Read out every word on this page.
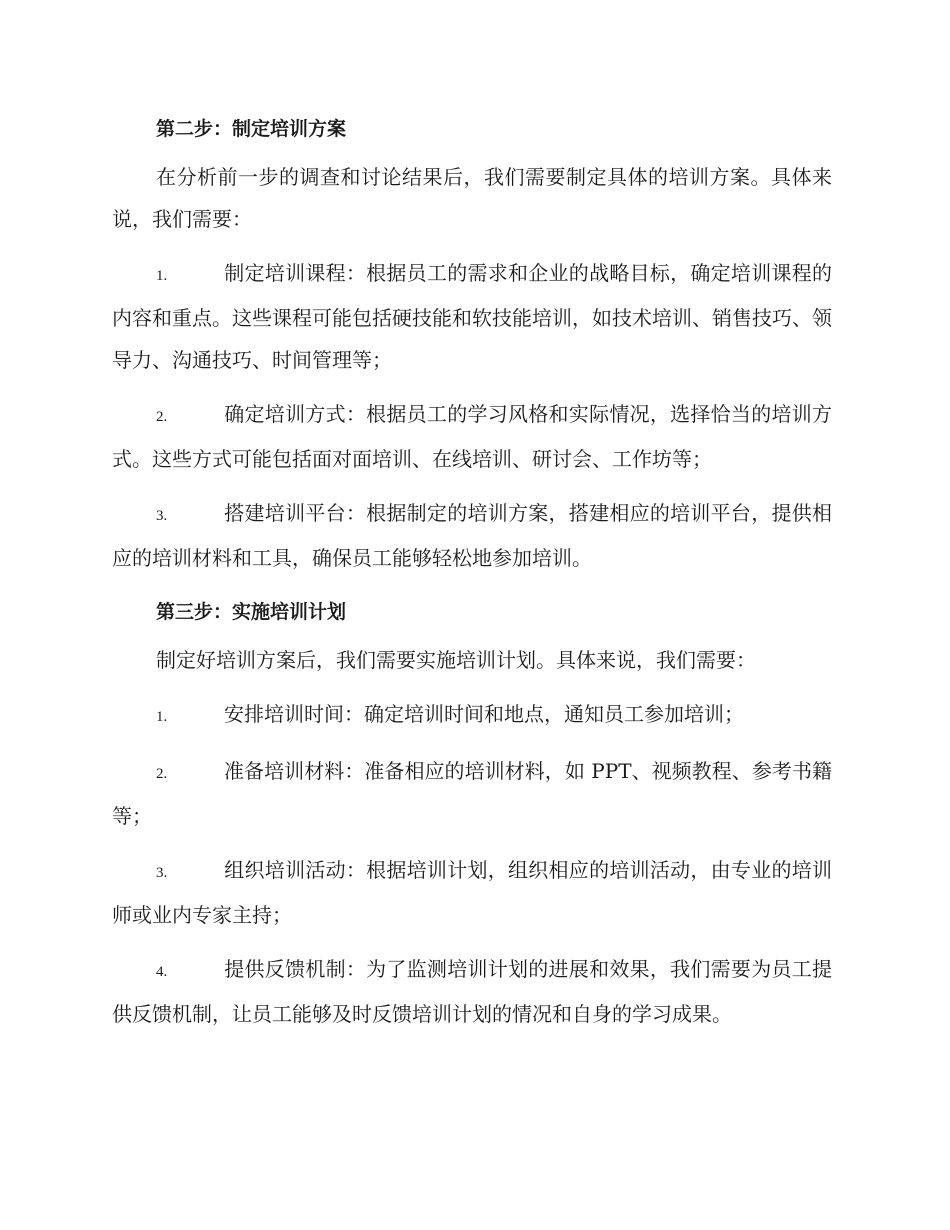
第二步：制定培训方案

在分析前一步的调查和讨论结果后，我们需要制定具体的培训方案。具体来说，我们需要：

1.	制定培训课程：根据员工的需求和企业的战略目标，确定培训课程的内容和重点。这些课程可能包括硬技能和软技能培训，如技术培训、销售技巧、领导力、沟通技巧、时间管理等；

2.	确定培训方式：根据员工的学习风格和实际情况，选择恰当的培训方式。这些方式可能包括面对面培训、在线培训、研讨会、工作坊等；

3.	搭建培训平台：根据制定的培训方案，搭建相应的培训平台，提供相应的培训材料和工具，确保员工能够轻松地参加培训。

第三步：实施培训计划

制定好培训方案后，我们需要实施培训计划。具体来说，我们需要：

1.	安排培训时间：确定培训时间和地点，通知员工参加培训；

2.	准备培训材料：准备相应的培训材料，如 PPT、视频教程、参考书籍等；

3.	组织培训活动：根据培训计划，组织相应的培训活动，由专业的培训师或业内专家主持；

4.	提供反馈机制：为了监测培训计划的进展和效果，我们需要为员工提供反馈机制，让员工能够及时反馈培训计划的情况和自身的学习成果。
